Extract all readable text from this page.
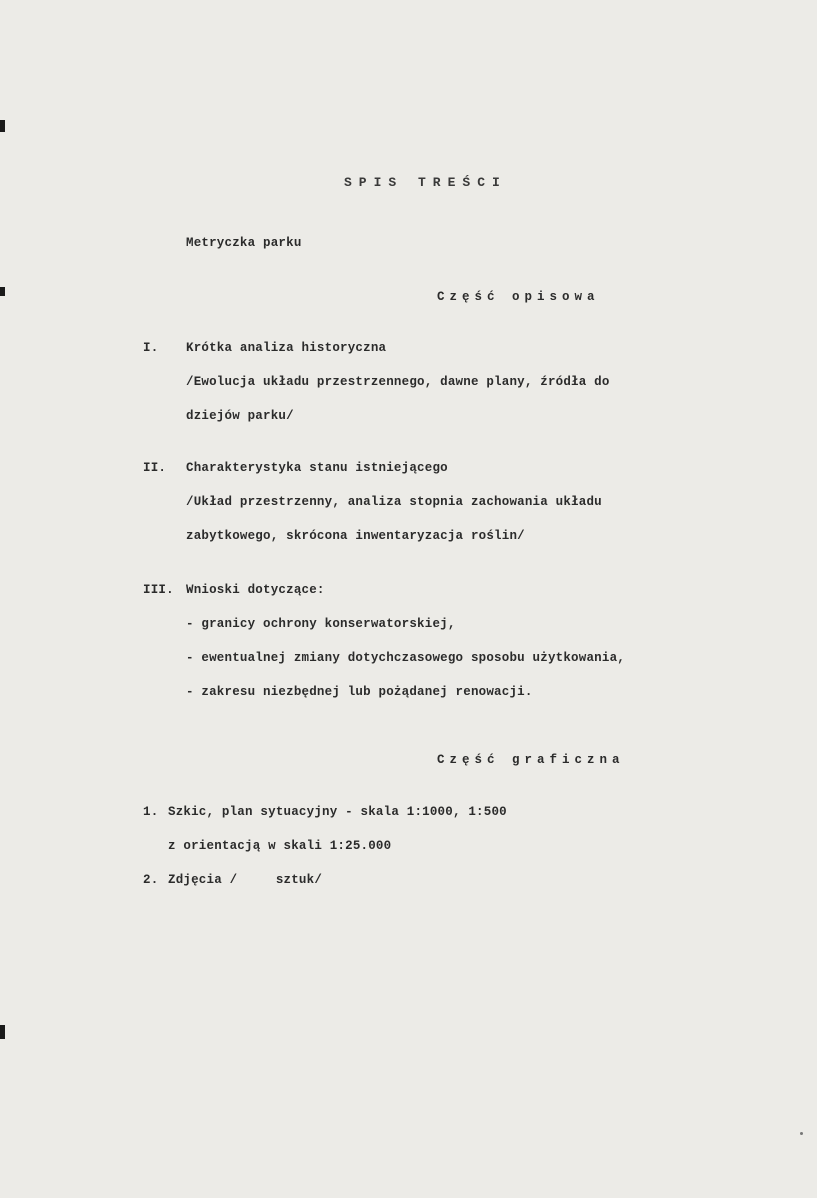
SPIS TREŚCI
Metryczka parku
Część opisowa
I. Krótka analiza historyczna
/Ewolucja układu przestrzennego, dawne plany, źródła do
dziejów parku/
II. Charakterystyka stanu istniejącego
/Układ przestrzenny, analiza stopnia zachowania układu
zabytkowego, skrócona inwentaryzacja roślin/
III. Wnioski dotyczące:
- granicy ochrony konserwatorskiej,
- ewentualnej zmiany dotychczasowego sposobu użytkowania,
- zakresu niezbędnej lub pożądanej renowacji.
Część graficzna
1. Szkic, plan sytuacyjny - skala 1:1000, 1:500
z orientacją w skali 1:25.000
2. Zdjęcia /     sztuk/
